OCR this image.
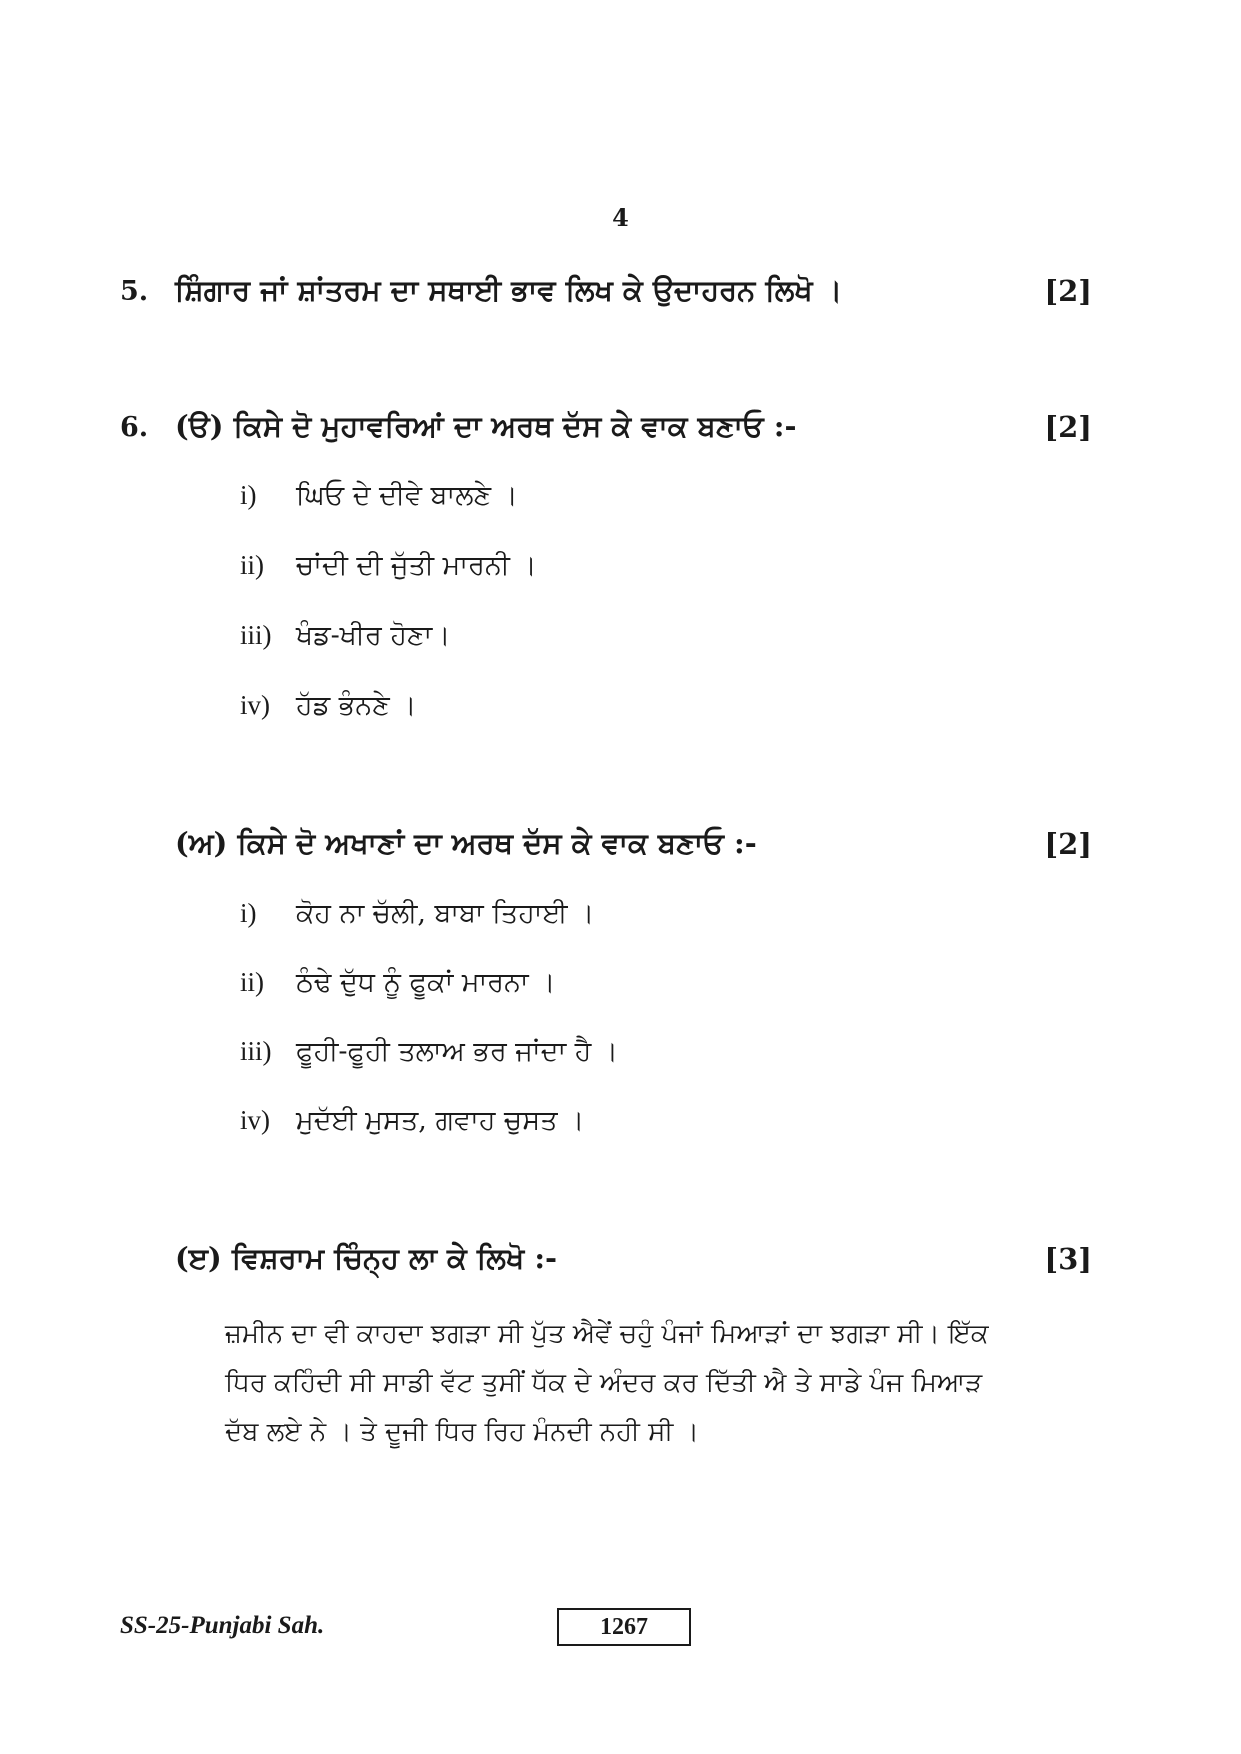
4
5. ਸ਼ਿੰਗਾਰ ਜਾਂ ਸ਼ਾਂਤਰਮ ਦਾ ਸਥਾਈ ਭਾਵ ਲਿਖ ਕੇ ਉਦਾਹਰਨ ਲਿਖੋ ।	[2]
6. (ੳ) ਕਿਸੇ ਦੋ ਮੁਹਾਵਰਿਆਂ ਦਾ ਅਰਥ ਦੱਸ ਕੇ ਵਾਕ ਬਣਾਓ :-	[2]
i) ਘਿਓ ਦੇ ਦੀਵੇ ਬਾਲਣੇ ।
ii) ਚਾਂਦੀ ਦੀ ਜੁੱਤੀ ਮਾਰਨੀ ।
iii) ਖੰਡ-ਖੀਰ ਹੋਣਾ।
iv) ਹੱਡ ਭੰਨਣੇ ।
(ਅ) ਕਿਸੇ ਦੋ ਅਖਾਣਾਂ ਦਾ ਅਰਥ ਦੱਸ ਕੇ ਵਾਕ ਬਣਾਓ :-	[2]
i) ਕੋਹ ਨਾ ਚੱਲੀ, ਬਾਬਾ ਤਿਹਾਈ ।
ii) ਠੰਢੇ ਦੁੱਧ ਨੂੰ ਫੂਕਾਂ ਮਾਰਨਾ ।
iii) ਫੂਹੀ-ਫੂਹੀ ਤਲਾਅ ਭਰ ਜਾਂਦਾ ਹੈ ।
iv) ਮੁਦੱਈ ਮੁਸਤ, ਗਵਾਹ ਚੁਸਤ ।
(ੲ) ਵਿਸ਼ਰਾਮ ਚਿੰਨ੍ਹ ਲਾ ਕੇ ਲਿਖੋ :-	[3]

ਜ਼ਮੀਨ ਦਾ ਵੀ ਕਾਹਦਾ ਝਗੜਾ ਸੀ ਪੁੱਤ ਐਵੇਂ ਚਹੁੰ ਪੰਜਾਂ ਮਿਆੜਾਂ ਦਾ ਝਗੜਾ ਸੀ। ਇੱਕ

ਧਿਰ ਕਹਿੰਦੀ ਸੀ ਸਾਡੀ ਵੱਟ ਤੁਸੀਂ ਧੱਕ ਦੇ ਅੰਦਰ ਕਰ ਦਿੱਤੀ ਐ ਤੇ ਸਾਡੇ ਪੰਜ ਮਿਆੜ

ਦੱਬ ਲਏ ਨੇ । ਤੇ ਦੂਜੀ ਧਿਰ ਰਿਹ ਮੰਨਦੀ ਨਹੀ ਸੀ ।

SS-25-Punjabi Sah.	1267
